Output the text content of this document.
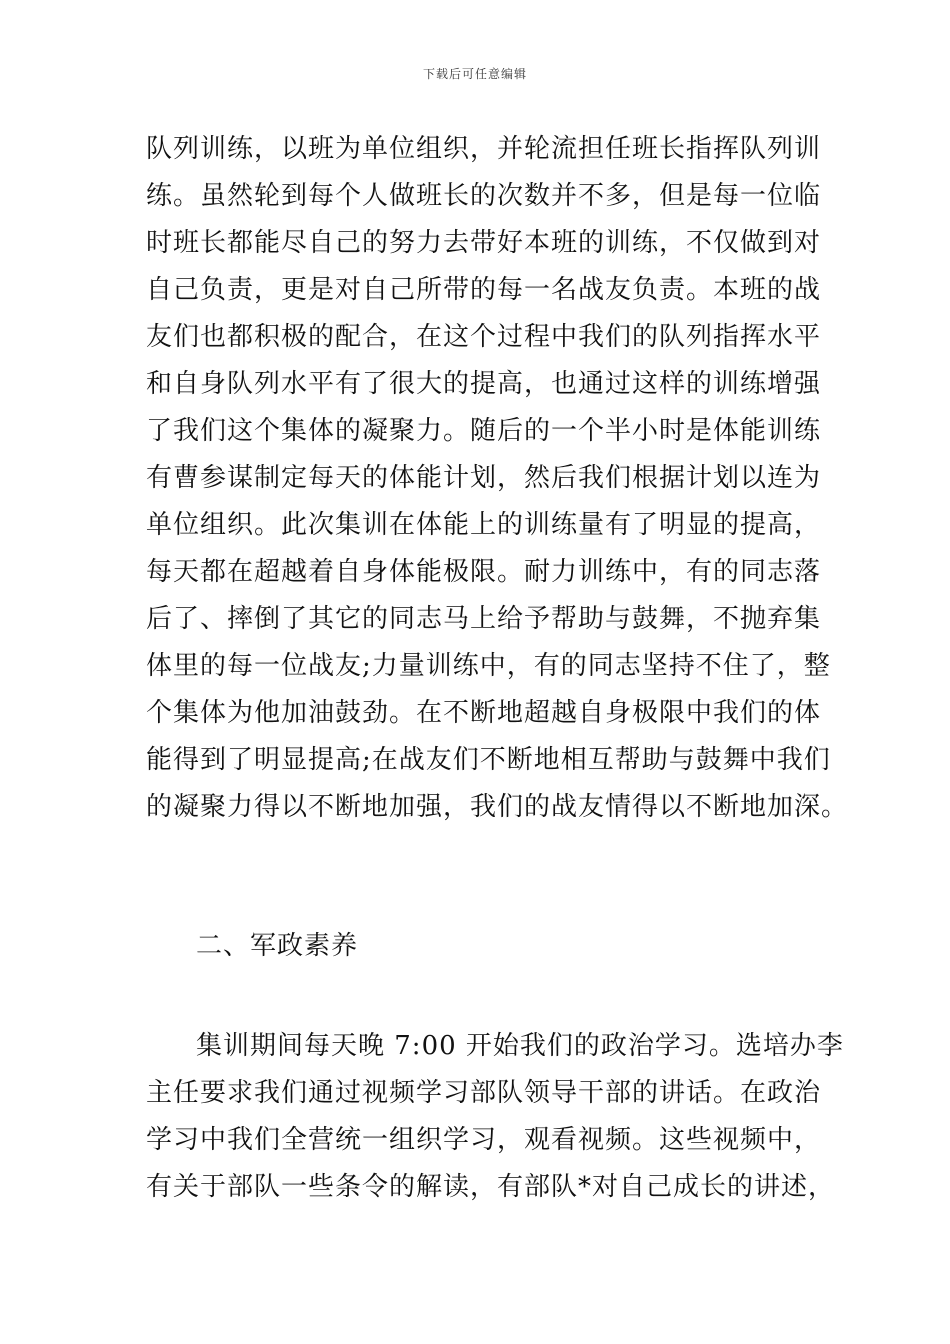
下载后可任意编辑
队列训练，以班为单位组织，并轮流担任班长指挥队列训
练。虽然轮到每个人做班长的次数并不多，但是每一位临
时班长都能尽自己的努力去带好本班的训练，不仅做到对
自己负责，更是对自己所带的每一名战友负责。本班的战
友们也都积极的配合，在这个过程中我们的队列指挥水平
和自身队列水平有了很大的提高，也通过这样的训练增强
了我们这个集体的凝聚力。随后的一个半小时是体能训练
有曹参谋制定每天的体能计划，然后我们根据计划以连为
单位组织。此次集训在体能上的训练量有了明显的提高，
每天都在超越着自身体能极限。耐力训练中，有的同志落
后了、摔倒了其它的同志马上给予帮助与鼓舞，不抛弃集
体里的每一位战友;力量训练中，有的同志坚持不住了，整
个集体为他加油鼓劲。在不断地超越自身极限中我们的体
能得到了明显提高;在战友们不断地相互帮助与鼓舞中我们
的凝聚力得以不断地加强，我们的战友情得以不断地加深。
二、军政素养
集训期间每天晚 7:00 开始我们的政治学习。选培办李
主任要求我们通过视频学习部队领导干部的讲话。在政治
学习中我们全营统一组织学习，观看视频。这些视频中，
有关于部队一些条令的解读，有部队*对自己成长的讲述，
